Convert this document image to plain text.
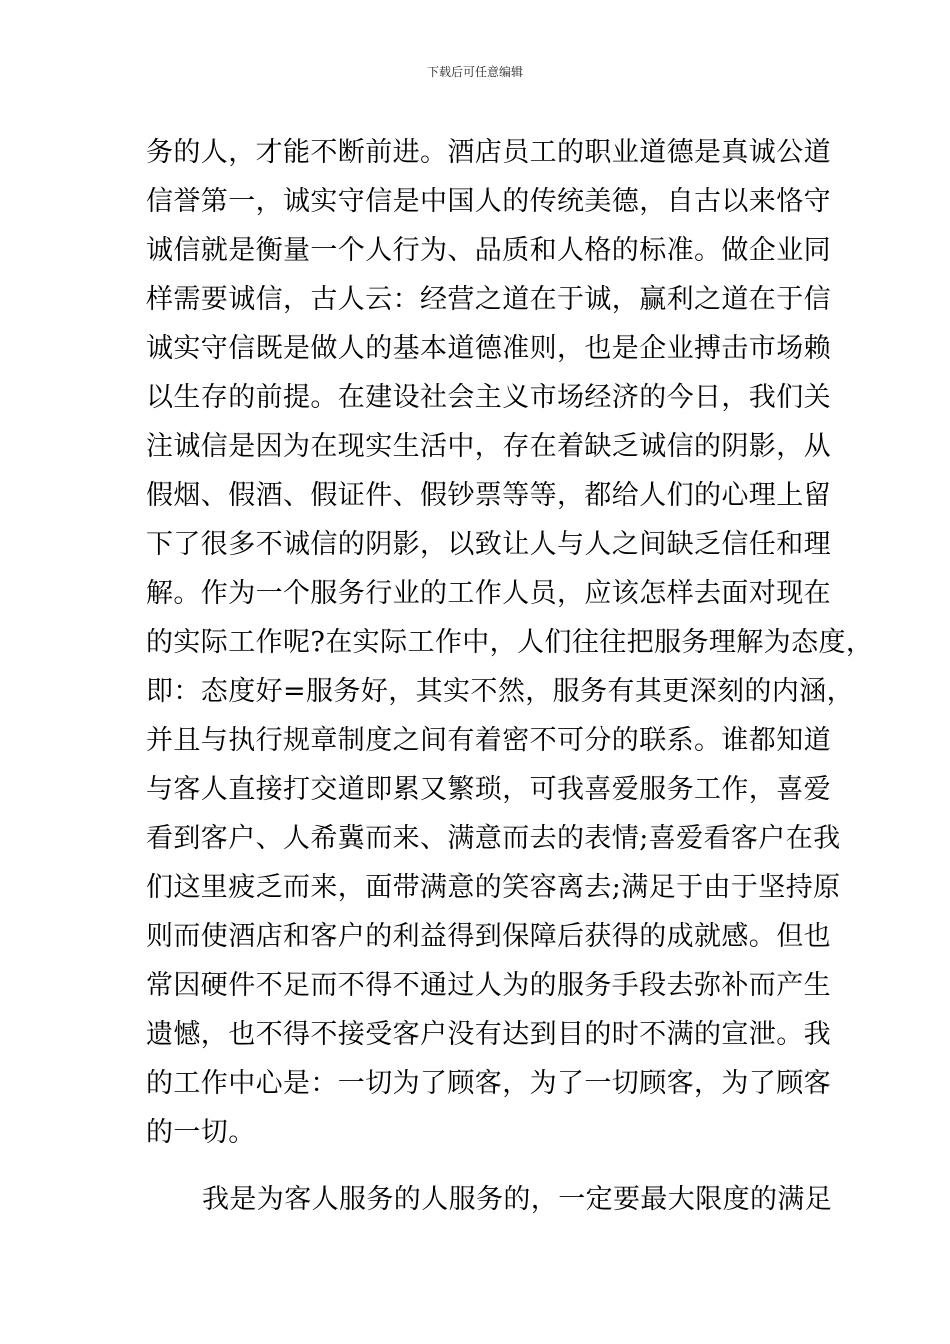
下载后可任意编辑
务的人，才能不断前进。酒店员工的职业道德是真诚公道
信誉第一，诚实守信是中国人的传统美德，自古以来恪守
诚信就是衡量一个人行为、品质和人格的标准。做企业同
样需要诚信，古人云：经营之道在于诚，赢利之道在于信
诚实守信既是做人的基本道德准则，也是企业搏击市场赖
以生存的前提。在建设社会主义市场经济的今日，我们关
注诚信是因为在现实生活中，存在着缺乏诚信的阴影，从
假烟、假酒、假证件、假钞票等等，都给人们的心理上留
下了很多不诚信的阴影，以致让人与人之间缺乏信任和理
解。作为一个服务行业的工作人员，应该怎样去面对现在
的实际工作呢?在实际工作中，人们往往把服务理解为态度，
即：态度好=服务好，其实不然，服务有其更深刻的内涵，
并且与执行规章制度之间有着密不可分的联系。谁都知道
与客人直接打交道即累又繁琐，可我喜爱服务工作，喜爱
看到客户、人希冀而来、满意而去的表情;喜爱看客户在我
们这里疲乏而来，面带满意的笑容离去;满足于由于坚持原
则而使酒店和客户的利益得到保障后获得的成就感。但也
常因硬件不足而不得不通过人为的服务手段去弥补而产生
遗憾，也不得不接受客户没有达到目的时不满的宣泄。我
的工作中心是：一切为了顾客，为了一切顾客，为了顾客
的一切。
我是为客人服务的人服务的，一定要最大限度的满足
